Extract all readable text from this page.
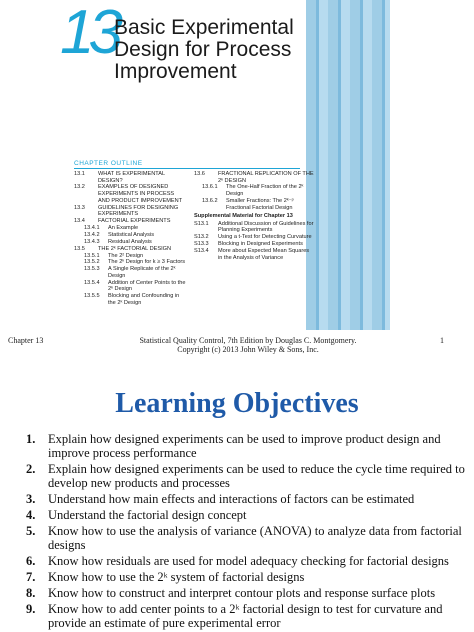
13
Basic Experimental
Design for Process
Improvement
CHAPTER OUTLINE
13.1	WHAT IS EXPERIMENTAL DESIGN?
13.2	EXAMPLES OF DESIGNED EXPERIMENTS IN PROCESS AND PRODUCT IMPROVEMENT
13.3	GUIDELINES FOR DESIGNING EXPERIMENTS
13.4	FACTORIAL EXPERIMENTS
13.4.1	An Example
13.4.2	Statistical Analysis
13.4.3	Residual Analysis
13.5	THE 2ᵏ FACTORIAL DESIGN
13.5.1	The 2² Design
13.5.2	The 2ᵏ Design for k ≥ 3 Factors
13.5.3	A Single Replicate of the 2ᵏ Design
13.5.4	Addition of Center Points to the 2ᵏ Design
13.5.5	Blocking and Confounding in the 2ᵏ Design
13.6	FRACTIONAL REPLICATION OF THE 2ᵏ DESIGN
13.6.1	The One-Half Fraction of the 2ᵏ Design
13.6.2	Smaller Fractions: The 2ᵏ⁻ᵖ Fractional Factorial Design
Supplemental Material for Chapter 13
S13.1	Additional Discussion of Guidelines for Planning Experiments
S13.2	Using a t-Test for Detecting Curvature
S13.3	Blocking in Designed Experiments
S13.4	More about Expected Mean Squares in the Analysis of Variance
Chapter 13	Statistical Quality Control, 7th Edition by Douglas C. Montgomery.
Copyright (c) 2013 John Wiley & Sons, Inc.
1
Learning Objectives
1.	Explain how designed experiments can be used to improve product design and improve process performance
2.	Explain how designed experiments can be used to reduce the cycle time required to develop new products and processes
3.	Understand how main effects and interactions of factors can be estimated
4.	Understand the factorial design concept
5.	Know how to use the analysis of variance (ANOVA) to analyze data from factorial designs
6.	Know how residuals are used for model adequacy checking for factorial designs
7.	Know how to use the 2ᵏ system of factorial designs
8.	Know how to construct and interpret contour plots and response surface plots
9.	Know how to add center points to a 2ᵏ factorial design to test for curvature and provide an estimate of pure experimental error
